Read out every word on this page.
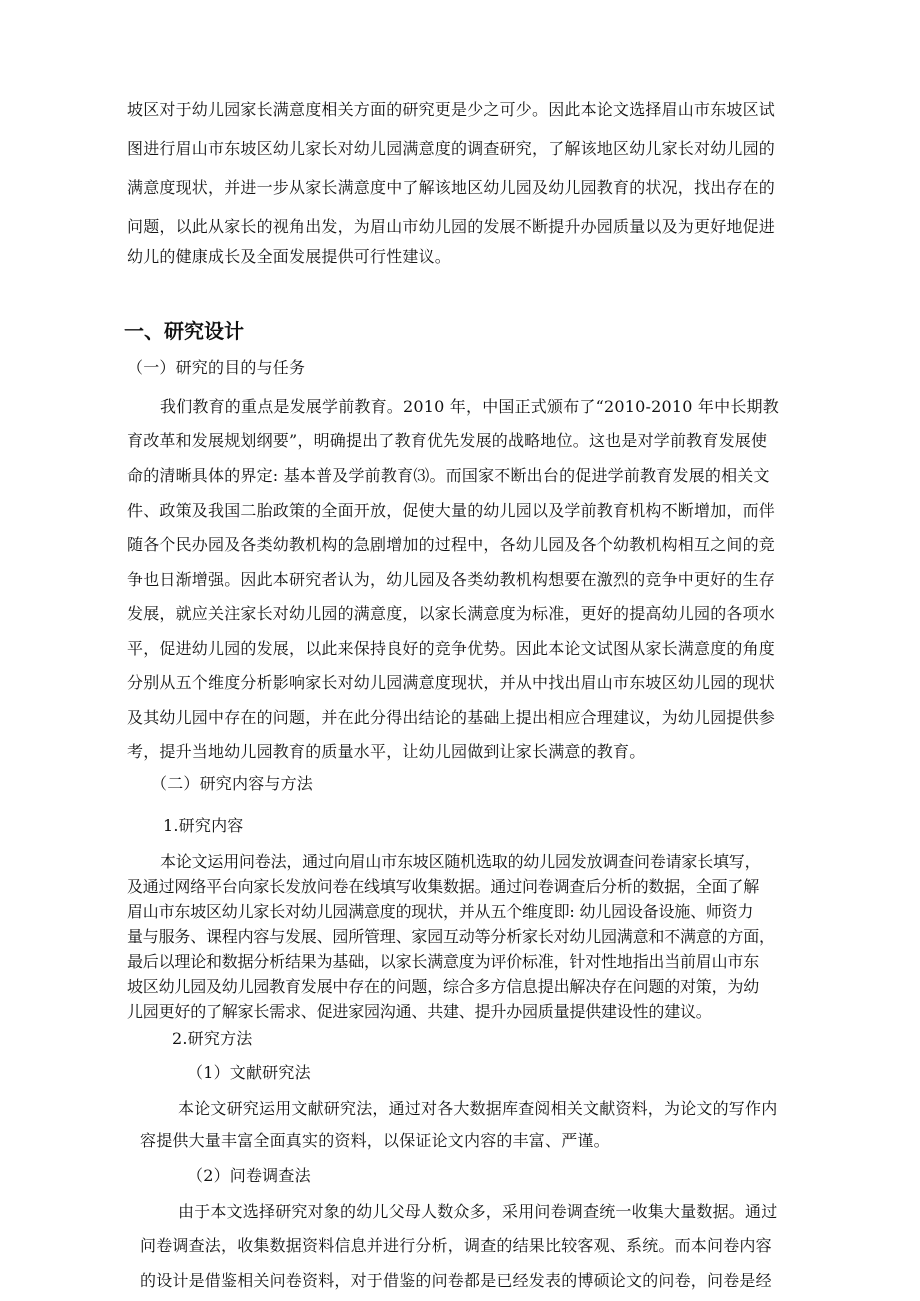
坡区对于幼儿园家长满意度相关方面的研究更是少之可少。因此本论文选择眉山市东坡区试
图进行眉山市东坡区幼儿家长对幼儿园满意度的调查研究，了解该地区幼儿家长对幼儿园的
满意度现状，并进一步从家长满意度中了解该地区幼儿园及幼儿园教育的状况，找出存在的
问题，以此从家长的视角出发，为眉山市幼儿园的发展不断提升办园质量以及为更好地促进
幼儿的健康成长及全面发展提供可行性建议。
一、研究设计
（一）研究的目的与任务
我们教育的重点是发展学前教育。2010 年，中国正式颁布了“2010-2010 年中长期教
育改革和发展规划纲要”，明确提出了教育优先发展的战略地位。这也是对学前教育发展使
命的清晰具体的界定: 基本普及学前教育⑶。而国家不断出台的促进学前教育发展的相关文
件、政策及我国二胎政策的全面开放，促使大量的幼儿园以及学前教育机构不断增加，而伴
随各个民办园及各类幼教机构的急剧增加的过程中，各幼儿园及各个幼教机构相互之间的竞
争也日渐增强。因此本研究者认为，幼儿园及各类幼教机构想要在激烈的竞争中更好的生存
发展，就应关注家长对幼儿园的满意度，以家长满意度为标准，更好的提高幼儿园的各项水
平，促进幼儿园的发展，以此来保持良好的竞争优势。因此本论文试图从家长满意度的角度
分别从五个维度分析影响家长对幼儿园满意度现状，并从中找出眉山市东坡区幼儿园的现状
及其幼儿园中存在的问题，并在此分得出结论的基础上提出相应合理建议，为幼儿园提供参
考，提升当地幼儿园教育的质量水平，让幼儿园做到让家长满意的教育。
（二）研究内容与方法
1.研究内容
本论文运用问卷法，通过向眉山市东坡区随机选取的幼儿园发放调查问卷请家长填写，
及通过网络平台向家长发放问卷在线填写收集数据。通过问卷调查后分析的数据，全面了解
眉山市东坡区幼儿家长对幼儿园满意度的现状，并从五个维度即: 幼儿园设备设施、师资力
量与服务、课程内容与发展、园所管理、家园互动等分析家长对幼儿园满意和不满意的方面，
最后以理论和数据分析结果为基础，以家长满意度为评价标准，针对性地指出当前眉山市东
坡区幼儿园及幼儿园教育发展中存在的问题，综合多方信息提出解决存在问题的对策，为幼
儿园更好的了解家长需求、促进家园沟通、共建、提升办园质量提供建设性的建议。
2.研究方法
（1）文献研究法
本论文研究运用文献研究法，通过对各大数据库查阅相关文献资料，为论文的写作内
容提供大量丰富全面真实的资料，以保证论文内容的丰富、严谨。
（2）问卷调查法
由于本文选择研究对象的幼儿父母人数众多，采用问卷调查统一收集大量数据。通过
问卷调查法，收集数据资料信息并进行分析，调查的结果比较客观、系统。而本问卷内容
的设计是借鉴相关问卷资料，对于借鉴的问卷都是已经发表的博硕论文的问卷，问卷是经
